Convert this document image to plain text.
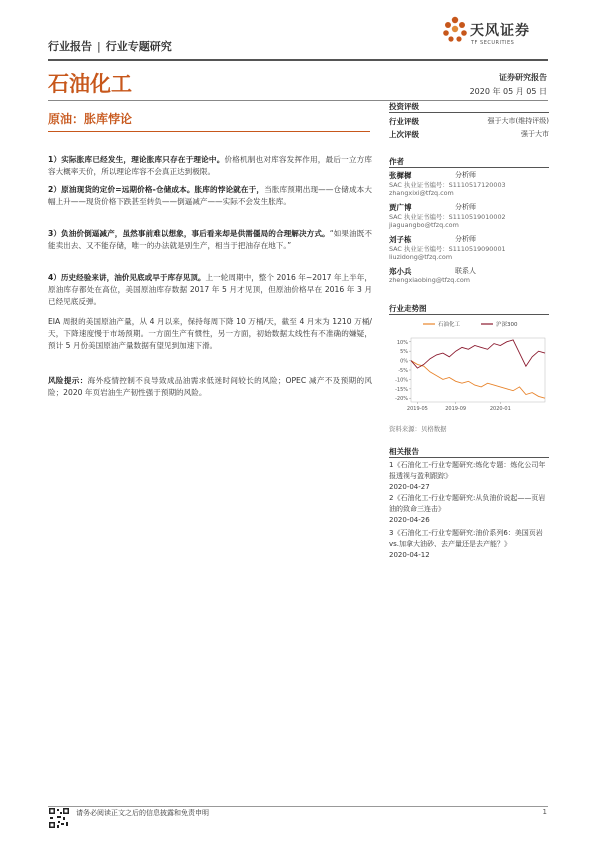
行业报告 | 行业专题研究
天风证券
TF SECURITIES
石油化工	证券研究报告
2020 年 05 月 05 日
原油：胀库悖论
1）实际胀库已经发生，理论胀库只存在于理论中。价格机制也对库容发挥作用，最后一立方库容大概率天价，所以理论库容不会真正达到极限。
2）原油现货的定价=远期价格-仓储成本。胀库的悖论就在于，当胀库预期出现——仓储成本大幅上升——现货价格下跌甚至转负——倒逼减产——实际不会发生胀库。
3）负油价倒逼减产，虽然事前难以想象，事后看来却是供需僵局的合理解决方式。“如果油既不能卖出去、又不能存储，唯一的办法就是别生产，相当于把油存在地下。”
4）历史经验来讲，油价见底或早于库存见顶。上一轮周期中，整个 2016 年~2017 年上半年，原油库存都处在高位，美国原油库存数据 2017 年 5 月才见顶，但原油价格早在 2016 年 3 月已经见底反弹。
EIA 周报的美国原油产量，从 4 月以来，保持每周下降 10 万桶/天，截至 4 月末为 1210 万桶/天，下降速度慢于市场预期。一方面生产有惯性，另一方面，初始数据太线性有不准确的嫌疑，预计 5 月份美国原油产量数据有望见到加速下滑。
风险提示：海外疫情控制不良导致成品油需求低迷时间较长的风险；OPEC 减产不及预期的风险；2020 年页岩油生产韧性强于预期的风险。
投资评级
行业评级	强于大市(维持评级)
上次评级	强于大市
作者
张樨樨	分析师
SAC 执业证书编号：S1110517120003
zhangxixi@tfzq.com
贾广博	分析师
SAC 执业证书编号：S1110519010002
jiaguangbo@tfzq.com
刘子栋	分析师
SAC 执业证书编号：S1110519090001
liuzidong@tfzq.com
郑小兵	联系人
zhengxiaobing@tfzq.com
行业走势图
10%
5%
0%
-5%
-10%
-15%
-20%
2019-05	2019-09	2020-01
石油化工	沪深300
资料来源：贝格数据
相关报告
1《石油化工-行业专题研究:炼化专题：炼化公司年报透视与盈利跟踪》
2020-04-27
2《石油化工-行业专题研究:从负油价说起——页岩油的致命三连击》
2020-04-26
3《石油化工-行业专题研究:油价系列6：美国页岩 vs.加拿大油砂、去产量还是去产能？》
2020-04-12
请务必阅读正文之后的信息披露和免责申明	1
